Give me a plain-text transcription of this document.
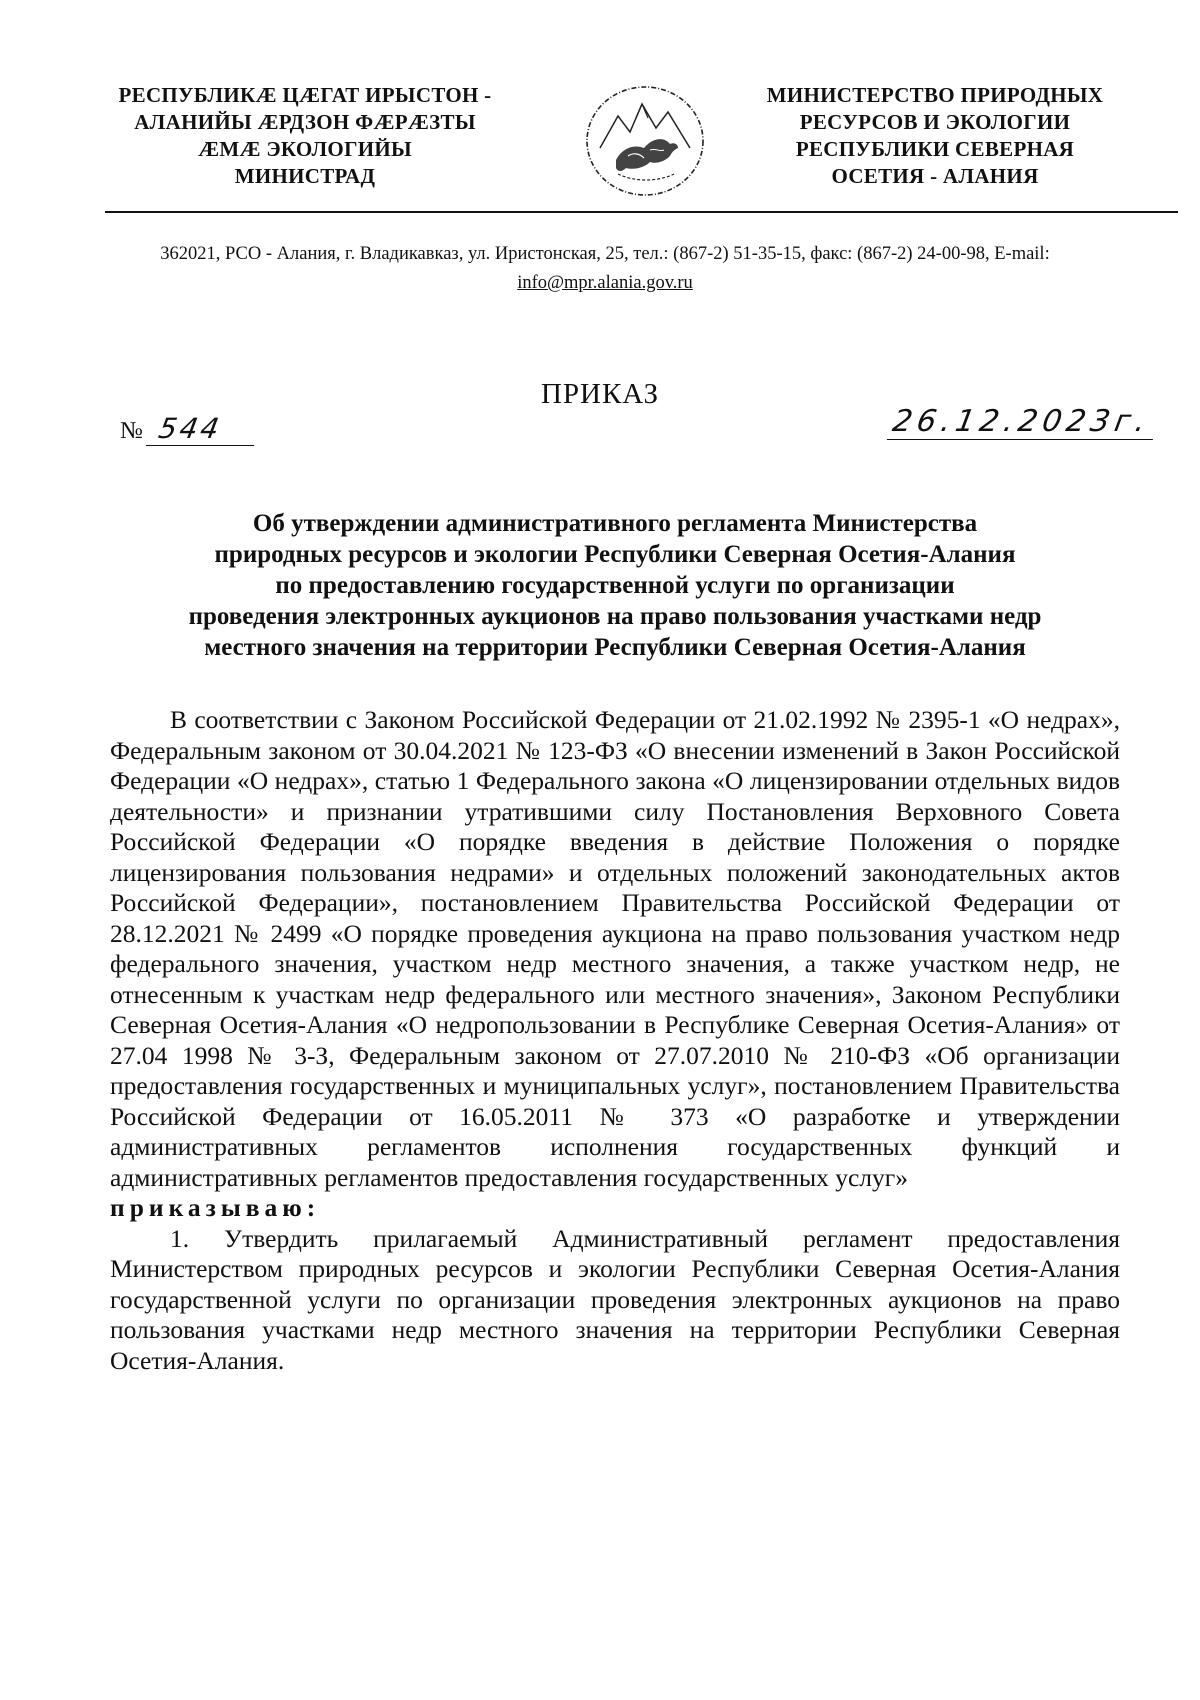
РЕСПУБЛИКÆ ЦÆГАТ ИРЫСТОН -
АЛАНИЙЫ ÆРДЗОН ФÆРÆЗТЫ
ÆМÆ ЭКОЛОГИЙЫ
МИНИСТРАД
МИНИСТЕРСТВО ПРИРОДНЫХ
РЕСУРСОВ И ЭКОЛОГИИ
РЕСПУБЛИКИ СЕВЕРНАЯ
ОСЕТИЯ - АЛАНИЯ
362021, РСО - Алания, г. Владикавказ, ул. Иристонская, 25, тел.: (867-2) 51-35-15, факс: (867-2) 24-00-98, E-mail: info@mpr.alania.gov.ru
ПРИКАЗ
№ 544	26.12.2023г.
Об утверждении административного регламента Министерства
природных ресурсов и экологии Республики Северная Осетия-Алания
по предоставлению государственной услуги по организации
проведения электронных аукционов на право пользования участками недр
местного значения на территории Республики Северная Осетия-Алания

В соответствии с Законом Российской Федерации от 21.02.1992 № 2395-1 «О недрах», Федеральным законом от 30.04.2021 № 123-ФЗ «О внесении изменений в Закон Российской Федерации «О недрах», статью 1 Федерального закона «О лицензировании отдельных видов деятельности» и признании утратившими силу Постановления Верховного Совета Российской Федерации «О порядке введения в действие Положения о порядке лицензирования пользования недрами» и отдельных положений законодательных актов Российской Федерации», постановлением Правительства Российской Федерации от 28.12.2021 № 2499 «О порядке проведения аукциона на право пользования участком недр федерального значения, участком недр местного значения, а также участком недр, не отнесенным к участкам недр федерального или местного значения», Законом Республики Северная Осетия-Алания «О недропользовании в Республике Северная Осетия-Алания» от 27.04 1998 № 3-З, Федеральным законом от 27.07.2010 № 210-ФЗ «Об организации предоставления государственных и муниципальных услуг», постановлением Правительства Российской Федерации от 16.05.2011 № 373 «О разработке и утверждении административных регламентов исполнения государственных функций и административных регламентов предоставления государственных услуг»

приказываю:

1. Утвердить прилагаемый Административный регламент предоставления Министерством природных ресурсов и экологии Республики Северная Осетия-Алания государственной услуги по организации проведения электронных аукционов на право пользования участками недр местного значения на территории Республики Северная Осетия-Алания.
